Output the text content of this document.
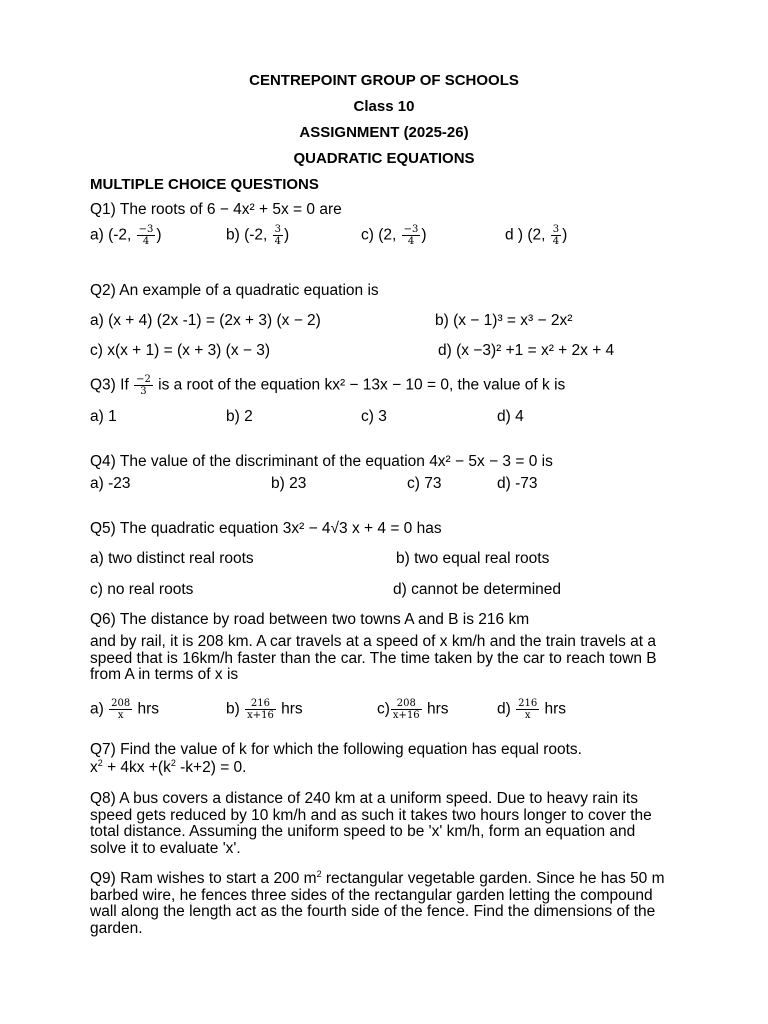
CENTREPOINT GROUP OF SCHOOLS
Class 10
ASSIGNMENT (2025-26)
QUADRATIC EQUATIONS
MULTIPLE CHOICE QUESTIONS
Q1) The roots of 6 − 4x² + 5x = 0 are
a) (-2, $\frac{-3}{4}$ )	b) (-2, $\frac{3}{4}$ )	c) (2, $\frac{-3}{4}$ )	d ) (2, $\frac{3}{4}$ )
Q2) An example of a quadratic equation is
a) (x + 4) (2x -1) = (2x + 3) (x − 2)	b) (x − 1)³ = x³ − 2x²
c) x(x + 1) = (x + 3) (x − 3)	d) (x −3)² +1 = x² + 2x + 4
Q3) If $\frac{-2}{3}$ is a root of the equation kx² − 13x − 10 = 0, the value of k is
a) 1	b) 2	c) 3	d) 4
Q4) The value of the discriminant of the equation 4x² − 5x − 3 = 0 is
a) -23	b) 23	c) 73	d) -73
Q5) The quadratic equation 3x² − 4√3 x + 4 = 0 has
a) two distinct real roots	b) two equal real roots
c) no real roots	d) cannot be determined
Q6) The distance by road between two towns A and B is 216 km
and by rail, it is 208 km. A car travels at a speed of x km/h and the train travels at a speed that is 16km/h faster than the car. The time taken by the car to reach town B from A in terms of x is
$a) \frac{208}{x}$ hrs	$b) \frac{216}{x+16}$ hrs	$c) \frac{208}{x+16}$ hrs	$d) \frac{216}{x}$ hrs
Q7) Find the value of k for which the following equation has equal roots.
$x^2 + 4kx +(k^2$ -k+2) = 0.
Q8) A bus covers a distance of 240 km at a uniform speed. Due to heavy rain its speed gets reduced by 10 km/h and as such it takes two hours longer to cover the total distance. Assuming the uniform speed to be 'x' km/h, form an equation and solve it to evaluate 'x'.
Q9) Ram wishes to start a 200 $m^2$ rectangular vegetable garden. Since he has 50 m barbed wire, he fences three sides of the rectangular garden letting the compound wall along the length act as the fourth side of the fence. Find the dimensions of the garden.
